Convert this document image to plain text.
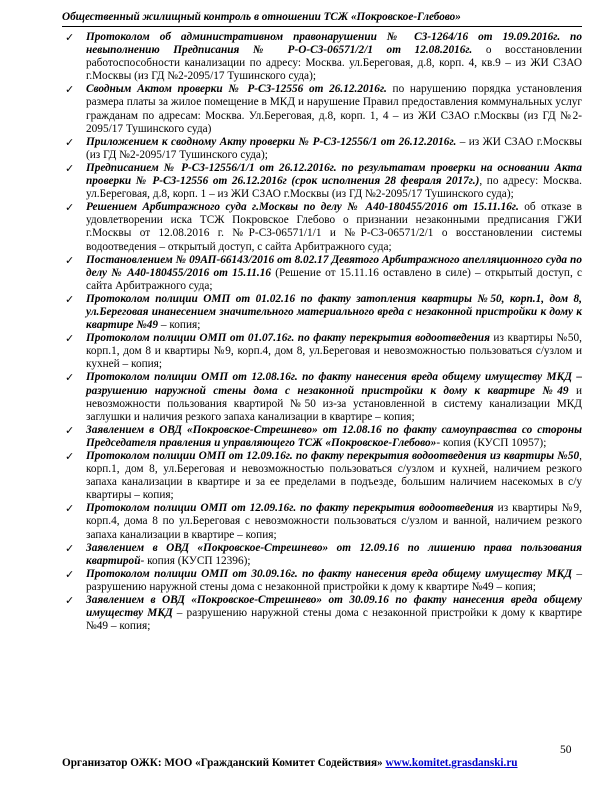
Общественный жилищный контроль в отношении ТСЖ «Покровское-Глебово»
✓ Протоколом об административном правонарушении № СЗ-1264/16 от 19.09.2016г. по невыполнению Предписания № Р-О-СЗ-06571/2/1 от 12.08.2016г. о восстановлении работоспособности канализации по адресу: Москва. ул.Береговая, д.8, корп. 4, кв.9 – из ЖИ СЗАО г.Москвы (из ГД №2-2095/17 Тушинского суда);
✓ Сводным Актом проверки № Р-СЗ-12556 от 26.12.2016г. по нарушению порядка установления размера платы за жилое помещение в МКД и нарушение Правил предоставления коммунальных услуг гражданам по адресам: Москва. Ул.Береговая, д.8, корп. 1, 4 – из ЖИ СЗАО г.Москвы (из ГД №2-2095/17 Тушинского суда)
✓ Приложением к сводному Акту проверки № Р-СЗ-12556/1 от 26.12.2016г. – из ЖИ СЗАО г.Москвы (из ГД №2-2095/17 Тушинского суда);
✓ Предписанием № Р-СЗ-12556/1/1 от 26.12.2016г. по результатам проверки на основании Акта проверки № Р-СЗ-12556 от 26.12.2016г (срок исполнения 28 февраля 2017г.), по адресу: Москва. ул.Береговая, д.8, корп. 1 – из ЖИ СЗАО г.Москвы (из ГД №2-2095/17 Тушинского суда);
✓ Решением Арбитражного суда г.Москвы по делу № А40-180455/2016 от 15.11.16г. об отказе в удовлетворении иска ТСЖ Покровское Глебово о признании незаконными предписания ГЖИ г.Москвы от 12.08.2016 г. №Р-СЗ-06571/1/1 и №Р-СЗ-06571/2/1 о восстановлении системы водоотведения – открытый доступ, с сайта Арбитражного суда;
✓ Постановлением № 09АП-66143/2016 от 8.02.17 Девятого Арбитражного апелляционного суда по делу № А40-180455/2016 от 15.11.16 (Решение от 15.11.16 оставлено в силе) – открытый доступ, с сайта Арбитражного суда;
✓ Протоколом полиции ОМП от 01.02.16 по факту затопления квартиры №50, корп.1, дом 8, ул.Береговая инанесением значительного материального вреда с незаконной пристройки к дому к квартире №49 – копия;
✓ Протоколом полиции ОМП от 01.07.16г. по факту перекрытия водоотведения из квартиры №50, корп.1, дом 8 и квартиры №9, корп.4, дом 8, ул.Береговая и невозможностью пользоваться с/узлом и кухней – копия;
✓ Протоколом полиции ОМП от 12.08.16г. по факту нанесения вреда общему имуществу МКД – разрушению наружной стены дома с незаконной пристройки к дому к квартире №49 и невозможности пользования квартирой №50 из-за установленной в систему канализации МКД заглушки и наличия резкого запаха канализации в квартире – копия;
✓ Заявлением в ОВД «Покровское-Стрешнево» от 12.08.16 по факту самоуправства со стороны Председателя правления и управляющего ТСЖ «Покровское-Глебово»- копия (КУСП 10957);
✓ Протоколом полиции ОМП от 12.09.16г. по факту перекрытия водоотведения из квартиры №50, корп.1, дом 8, ул.Береговая и невозможностью пользоваться с/узлом и кухней, наличием резкого запаха канализации в квартире и за ее пределами в подъезде, большим наличием насекомых в с/у квартиры – копия;
✓ Протоколом полиции ОМП от 12.09.16г. по факту перекрытия водоотведения из квартиры №9, корп.4, дома 8 по ул.Береговая с невозможности пользоваться с/узлом и ванной, наличием резкого запаха канализации в квартире – копия;
✓ Заявлением в ОВД «Покровское-Стрешнево» от 12.09.16 по лишению права пользования квартирой- копия (КУСП 12396);
✓ Протоколом полиции ОМП от 30.09.16г. по факту нанесения вреда общему имуществу МКД – разрушению наружной стены дома с незаконной пристройки к дому к квартире №49 – копия;
✓ Заявлением в ОВД «Покровское-Стрешнево» от 30.09.16 по факту нанесения вреда общему имуществу МКД – разрушению наружной стены дома с незаконной пристройки к дому к квартире №49 – копия;
50
Организатор ОЖК: МОО «Гражданский Комитет Содействия» www.komitet.grasdanski.ru
